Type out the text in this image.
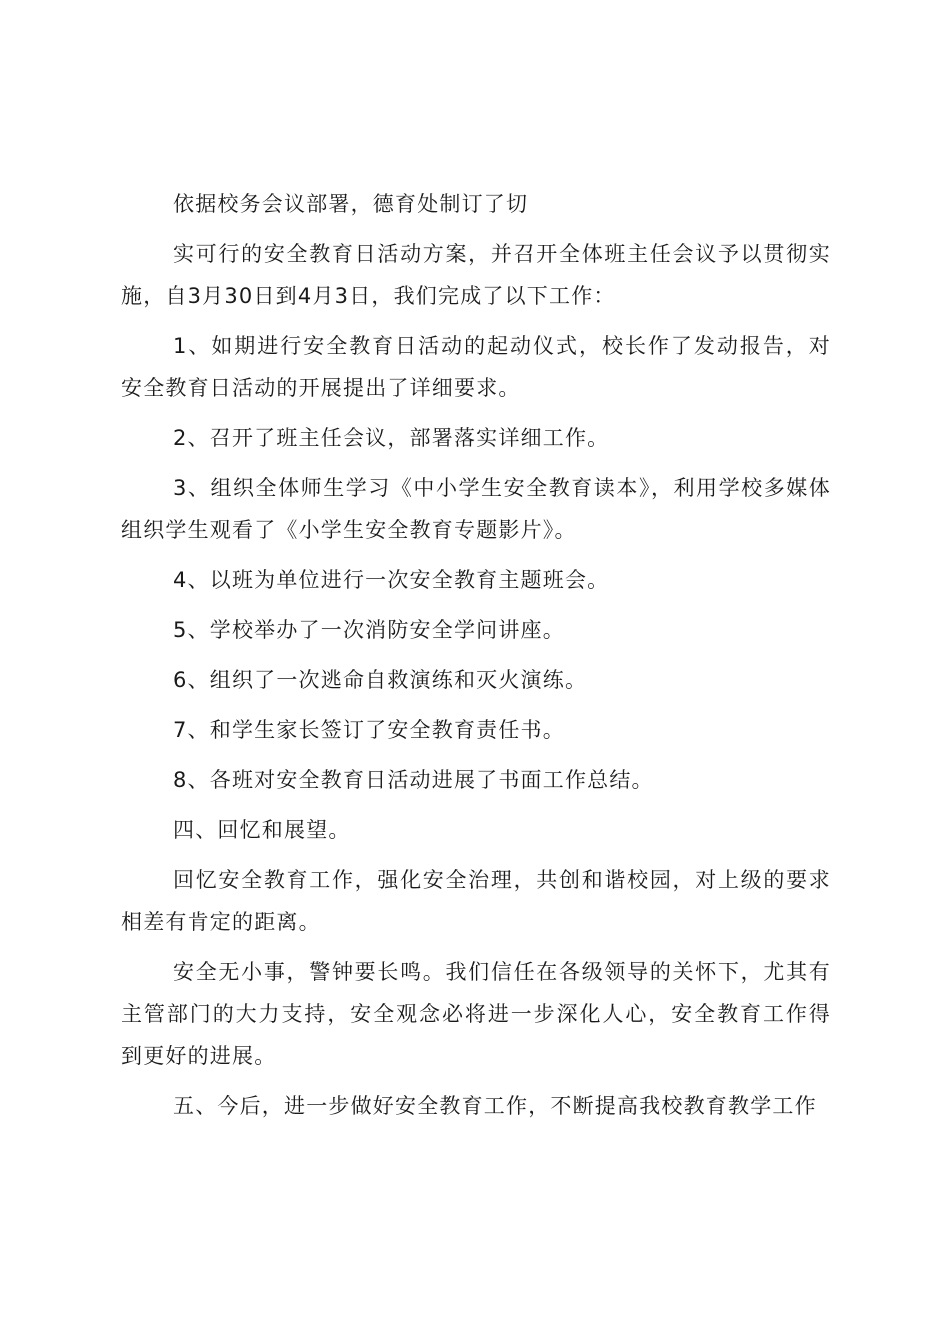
依据校务会议部署，德育处制订了切

实可行的安全教育日活动方案，并召开全体班主任会议予以贯彻实施，自3月30日到4月3日，我们完成了以下工作：

1、如期进行安全教育日活动的起动仪式，校长作了发动报告，对安全教育日活动的开展提出了详细要求。

2、召开了班主任会议，部署落实详细工作。

3、组织全体师生学习《中小学生安全教育读本》，利用学校多媒体组织学生观看了《小学生安全教育专题影片》。

4、以班为单位进行一次安全教育主题班会。

5、学校举办了一次消防安全学问讲座。

6、组织了一次逃命自救演练和灭火演练。

7、和学生家长签订了安全教育责任书。

8、各班对安全教育日活动进展了书面工作总结。

四、回忆和展望。

回忆安全教育工作，强化安全治理，共创和谐校园，对上级的要求相差有肯定的距离。

安全无小事，警钟要长鸣。我们信任在各级领导的关怀下，尤其有主管部门的大力支持，安全观念必将进一步深化人心，安全教育工作得到更好的进展。

五、今后，进一步做好安全教育工作，不断提高我校教育教学工作
